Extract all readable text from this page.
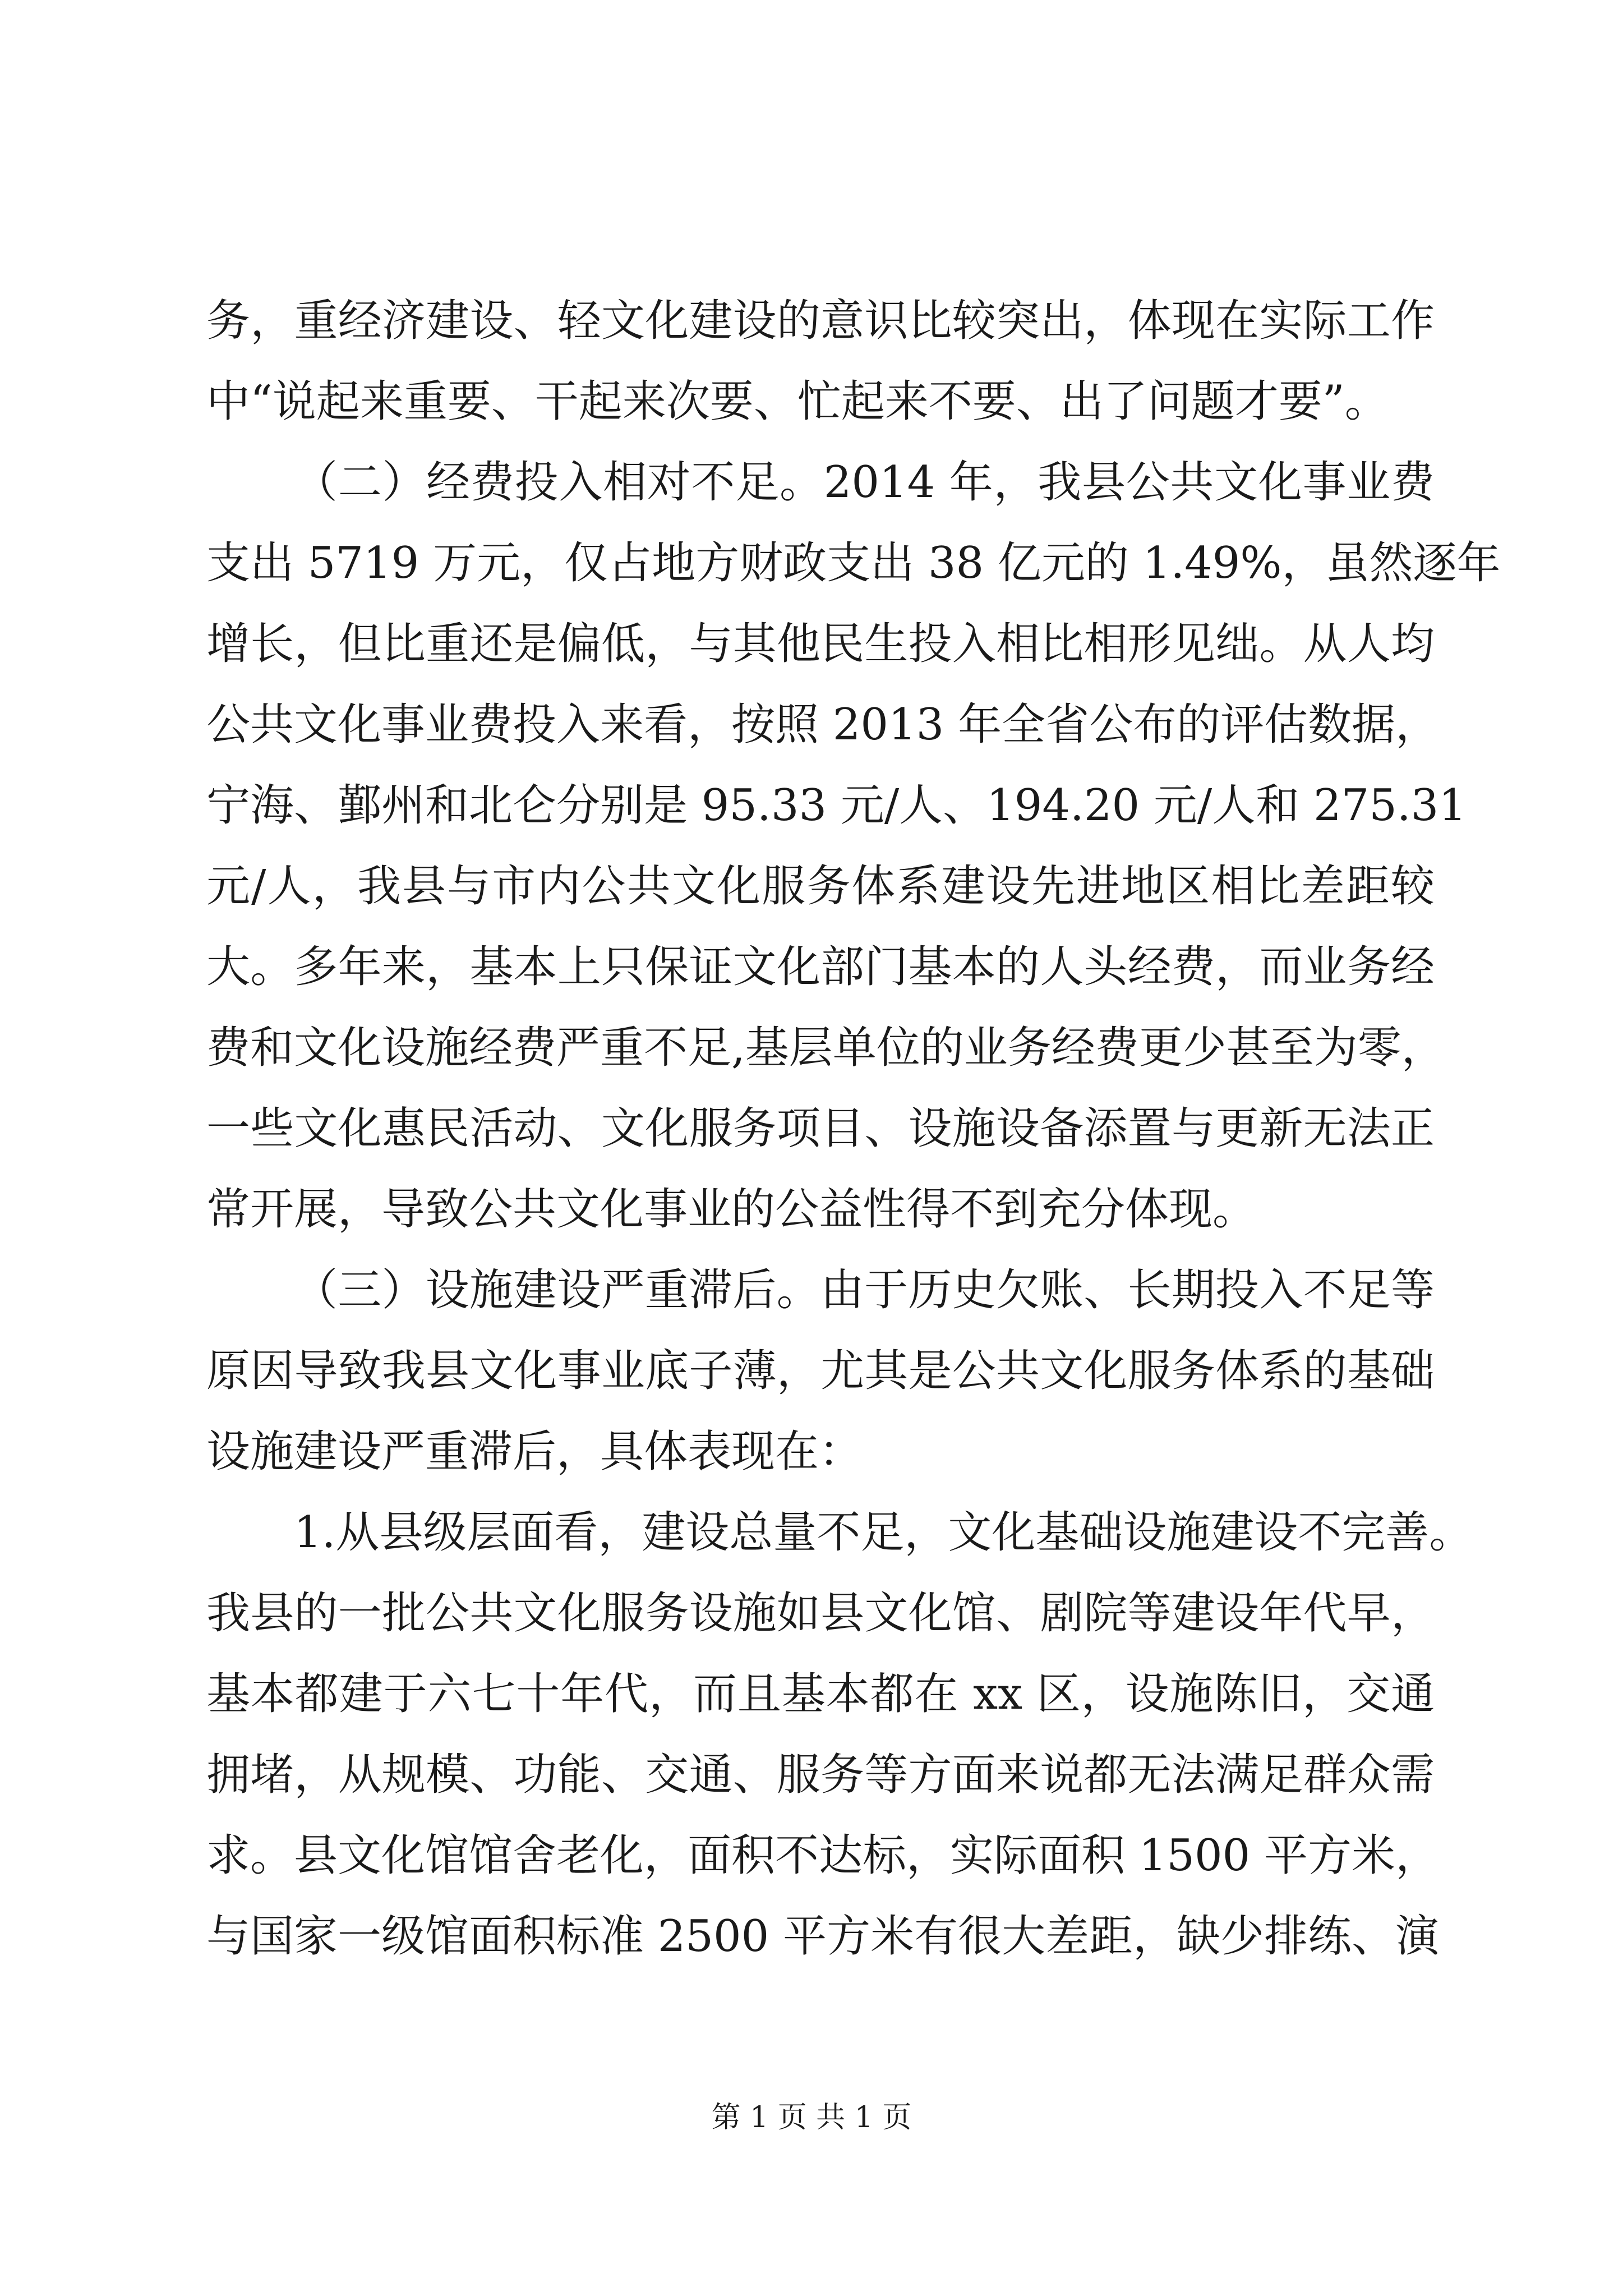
务，重经济建设、轻文化建设的意识比较突出，体现在实际工作
中“说起来重要、干起来次要、忙起来不要、出了问题才要”。
（二）经费投入相对不足。2014 年，我县公共文化事业费
支出 5719 万元，仅占地方财政支出 38 亿元的 1.49%，虽然逐年
增长，但比重还是偏低，与其他民生投入相比相形见绌。从人均
公共文化事业费投入来看，按照 2013 年全省公布的评估数据，
宁海、鄞州和北仑分别是 95.33 元/人、194.20 元/人和 275.31
元/人，我县与市内公共文化服务体系建设先进地区相比差距较
大。多年来，基本上只保证文化部门基本的人头经费，而业务经
费和文化设施经费严重不足,基层单位的业务经费更少甚至为零，
一些文化惠民活动、文化服务项目、设施设备添置与更新无法正
常开展，导致公共文化事业的公益性得不到充分体现。
（三）设施建设严重滞后。由于历史欠账、长期投入不足等
原因导致我县文化事业底子薄，尤其是公共文化服务体系的基础
设施建设严重滞后，具体表现在：
1.从县级层面看，建设总量不足，文化基础设施建设不完善。
我县的一批公共文化服务设施如县文化馆、剧院等建设年代早，
基本都建于六七十年代，而且基本都在 xx 区，设施陈旧，交通
拥堵，从规模、功能、交通、服务等方面来说都无法满足群众需
求。县文化馆馆舍老化，面积不达标，实际面积 1500 平方米，
与国家一级馆面积标准 2500 平方米有很大差距，缺少排练、演
第 1 页 共 1 页
